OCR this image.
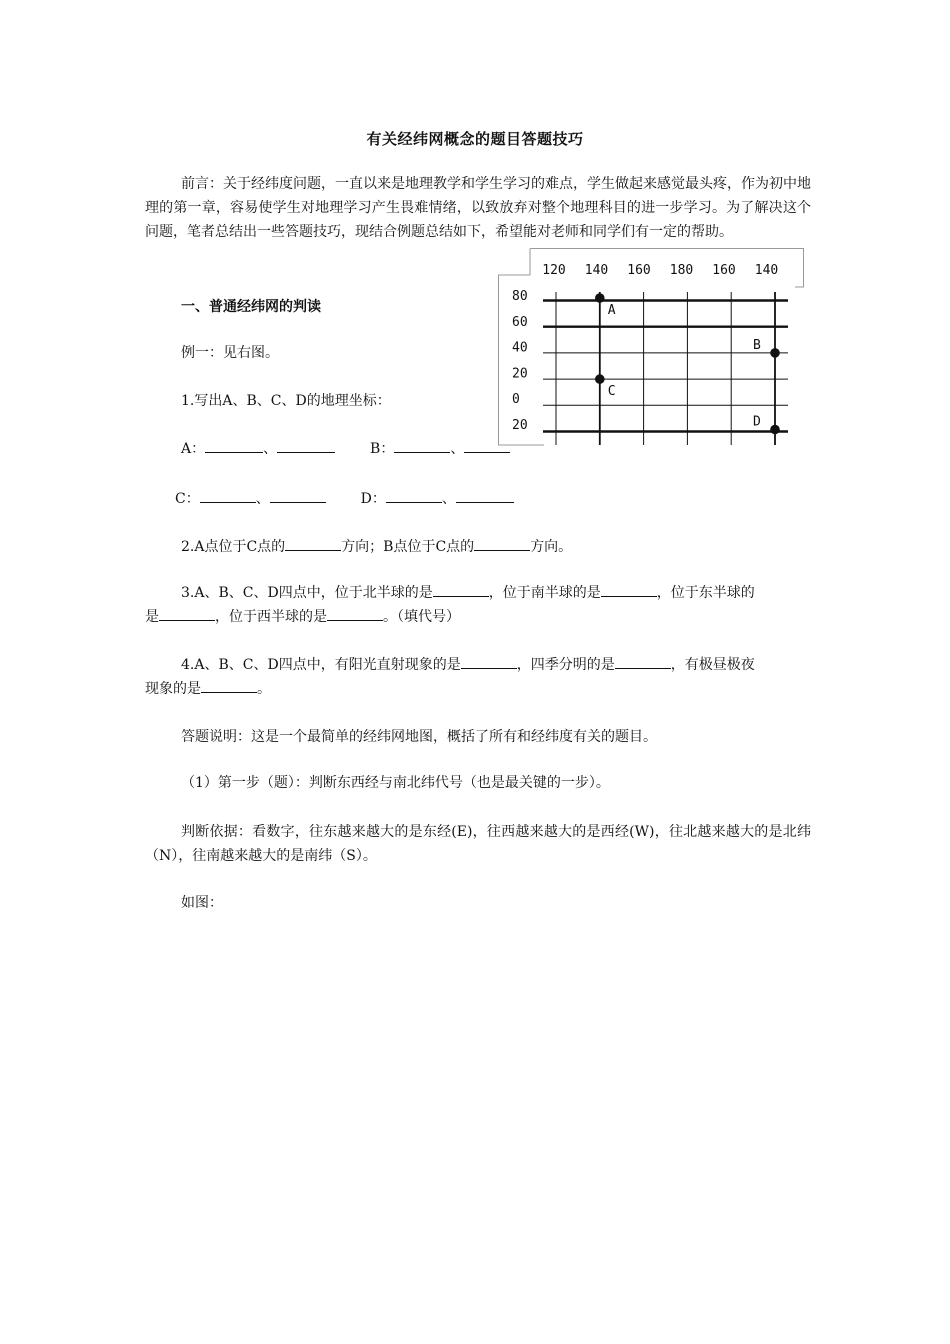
有关经纬网概念的题目答题技巧
前言：关于经纬度问题，一直以来是地理教学和学生学习的难点，学生做起来感觉最头疼，作为初中地理的第一章，容易使学生对地理学习产生畏难情绪，以致放弃对整个地理科目的进一步学习。为了解决这个问题，笔者总结出一些答题技巧，现结合例题总结如下，希望能对老师和同学们有一定的帮助。
一、普通经纬网的判读
例一：见右图。
1.写出A、B、C、D的地理坐标：
A：	、	B：	、
C：	、	D：	、
2.A点位于C点的	方向；B点位于C点的	方向。
3.A、B、C、D四点中，位于北半球的是	，位于南半球的是	，位于东半球的
是	，位于西半球的是	。（填代号）
4.A、B、C、D四点中，有阳光直射现象的是	，四季分明的是	，有极昼极夜
现象的是	。
答题说明：这是一个最简单的经纬网地图，概括了所有和经纬度有关的题目。
（1）第一步（题）：判断东西经与南北纬代号（也是最关键的一步）。
判断依据：看数字，往东越来越大的是东经(E)，往西越来越大的是西经(W)，往北越来越大的是北纬（N），往南越来越大的是南纬（S）。
如图：
120 140 160 180 160 140
80
60
40
20
0
20
A
B
C
D
